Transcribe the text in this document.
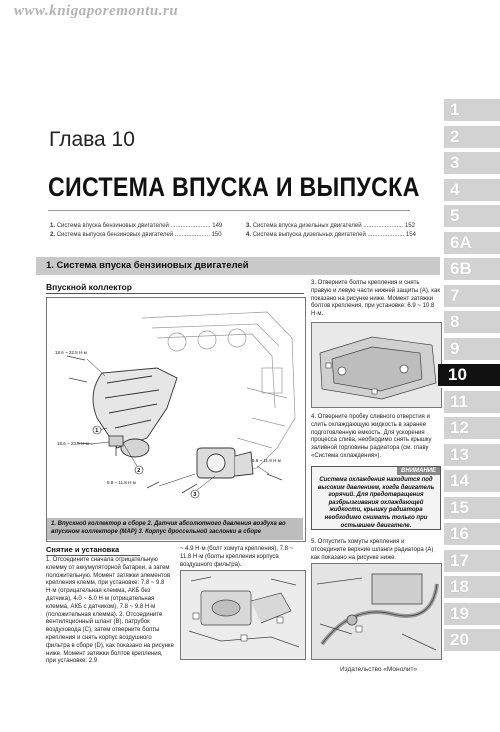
www.knigaporemontu.ru
Глава 10
СИСТЕМА ВПУСКА И ВЫПУСКА
1. Система впуска бензиновых двигателей ........................ 149
2. Система выпуска бензиновых двигателей ..................... 150
3. Система впуска дизельных двигателей ........................ 152
4. Система выпуска дизельных двигателей ...................... 154
1. Система впуска бензиновых двигателей
Впускной коллектор
18.6 ~ 22.5 Н·м
18.6 ~ 23.5 Н·м
9.8 ~ 11.8 Н·м
9.8 ~ 11.8 Н·м
1
2
3
1. Впускной коллектор в сборе 2. Датчик абсолютного давления воздуха во впускном коллекторе (MAP) 3. Корпус дроссельной заслонки в сборе
Снятие и установка
1. Отсоедините сначала отрицательную клемму от аккумуляторной батареи, а затем положительную. Момент затяжки элементов крепления клемм, при установке: 7.8 ~ 9.8 Н·м (отрицательная клемма, АКБ без датчика), 4.0 ~ 6.0 Н·м (отрицательная клемма, АКБ с датчиком), 7.8 ~ 9.8 Н·м (положительная клемма). 2. Отсоедините вентиляционный шланг (B), патрубок воздуховода (C), затем отверните болты крепления и снять корпус воздушного фильтра в сборе (D), как показано на рисунке ниже. Момент затяжки болтов крепления, при установке: 2.9
~ 4.9 Н·м (болт хомута крепления), 7.8 ~ 11.8 Н·м (болты крепления корпуса воздушного фильтра).
3. Отверните болты крепления и снять правую и левую части нижней защиты (A), как показано на рисунке ниже. Момент затяжки болтов крепления, при установке: 6.9 ~ 10.8 Н·м.
4. Отверните пробку сливного отверстия и слить охлаждающую жидкость в заранее подготовленную емкость. Для ускорения процесса слива, необходимо снять крышку заливной горловины радиатора (см. главу «Система охлаждения»).
ВНИМАНИЕ
Система охлаждения находится под высоким давлением, когда двигатель горячий. Для предотвращения разбрызгивания охлаждающей жидкости, крышку радиатора необходимо снимать только при остывшем двигателе.
5. Отпустить хомуты крепления и отсоедините верхние шланги радиатора (A) как показано на рисунке ниже.
Издательство «Монолит»
1
2
3
4
5
6A
6B
7
8
9
10
11
12
13
14
15
16
17
18
19
20
